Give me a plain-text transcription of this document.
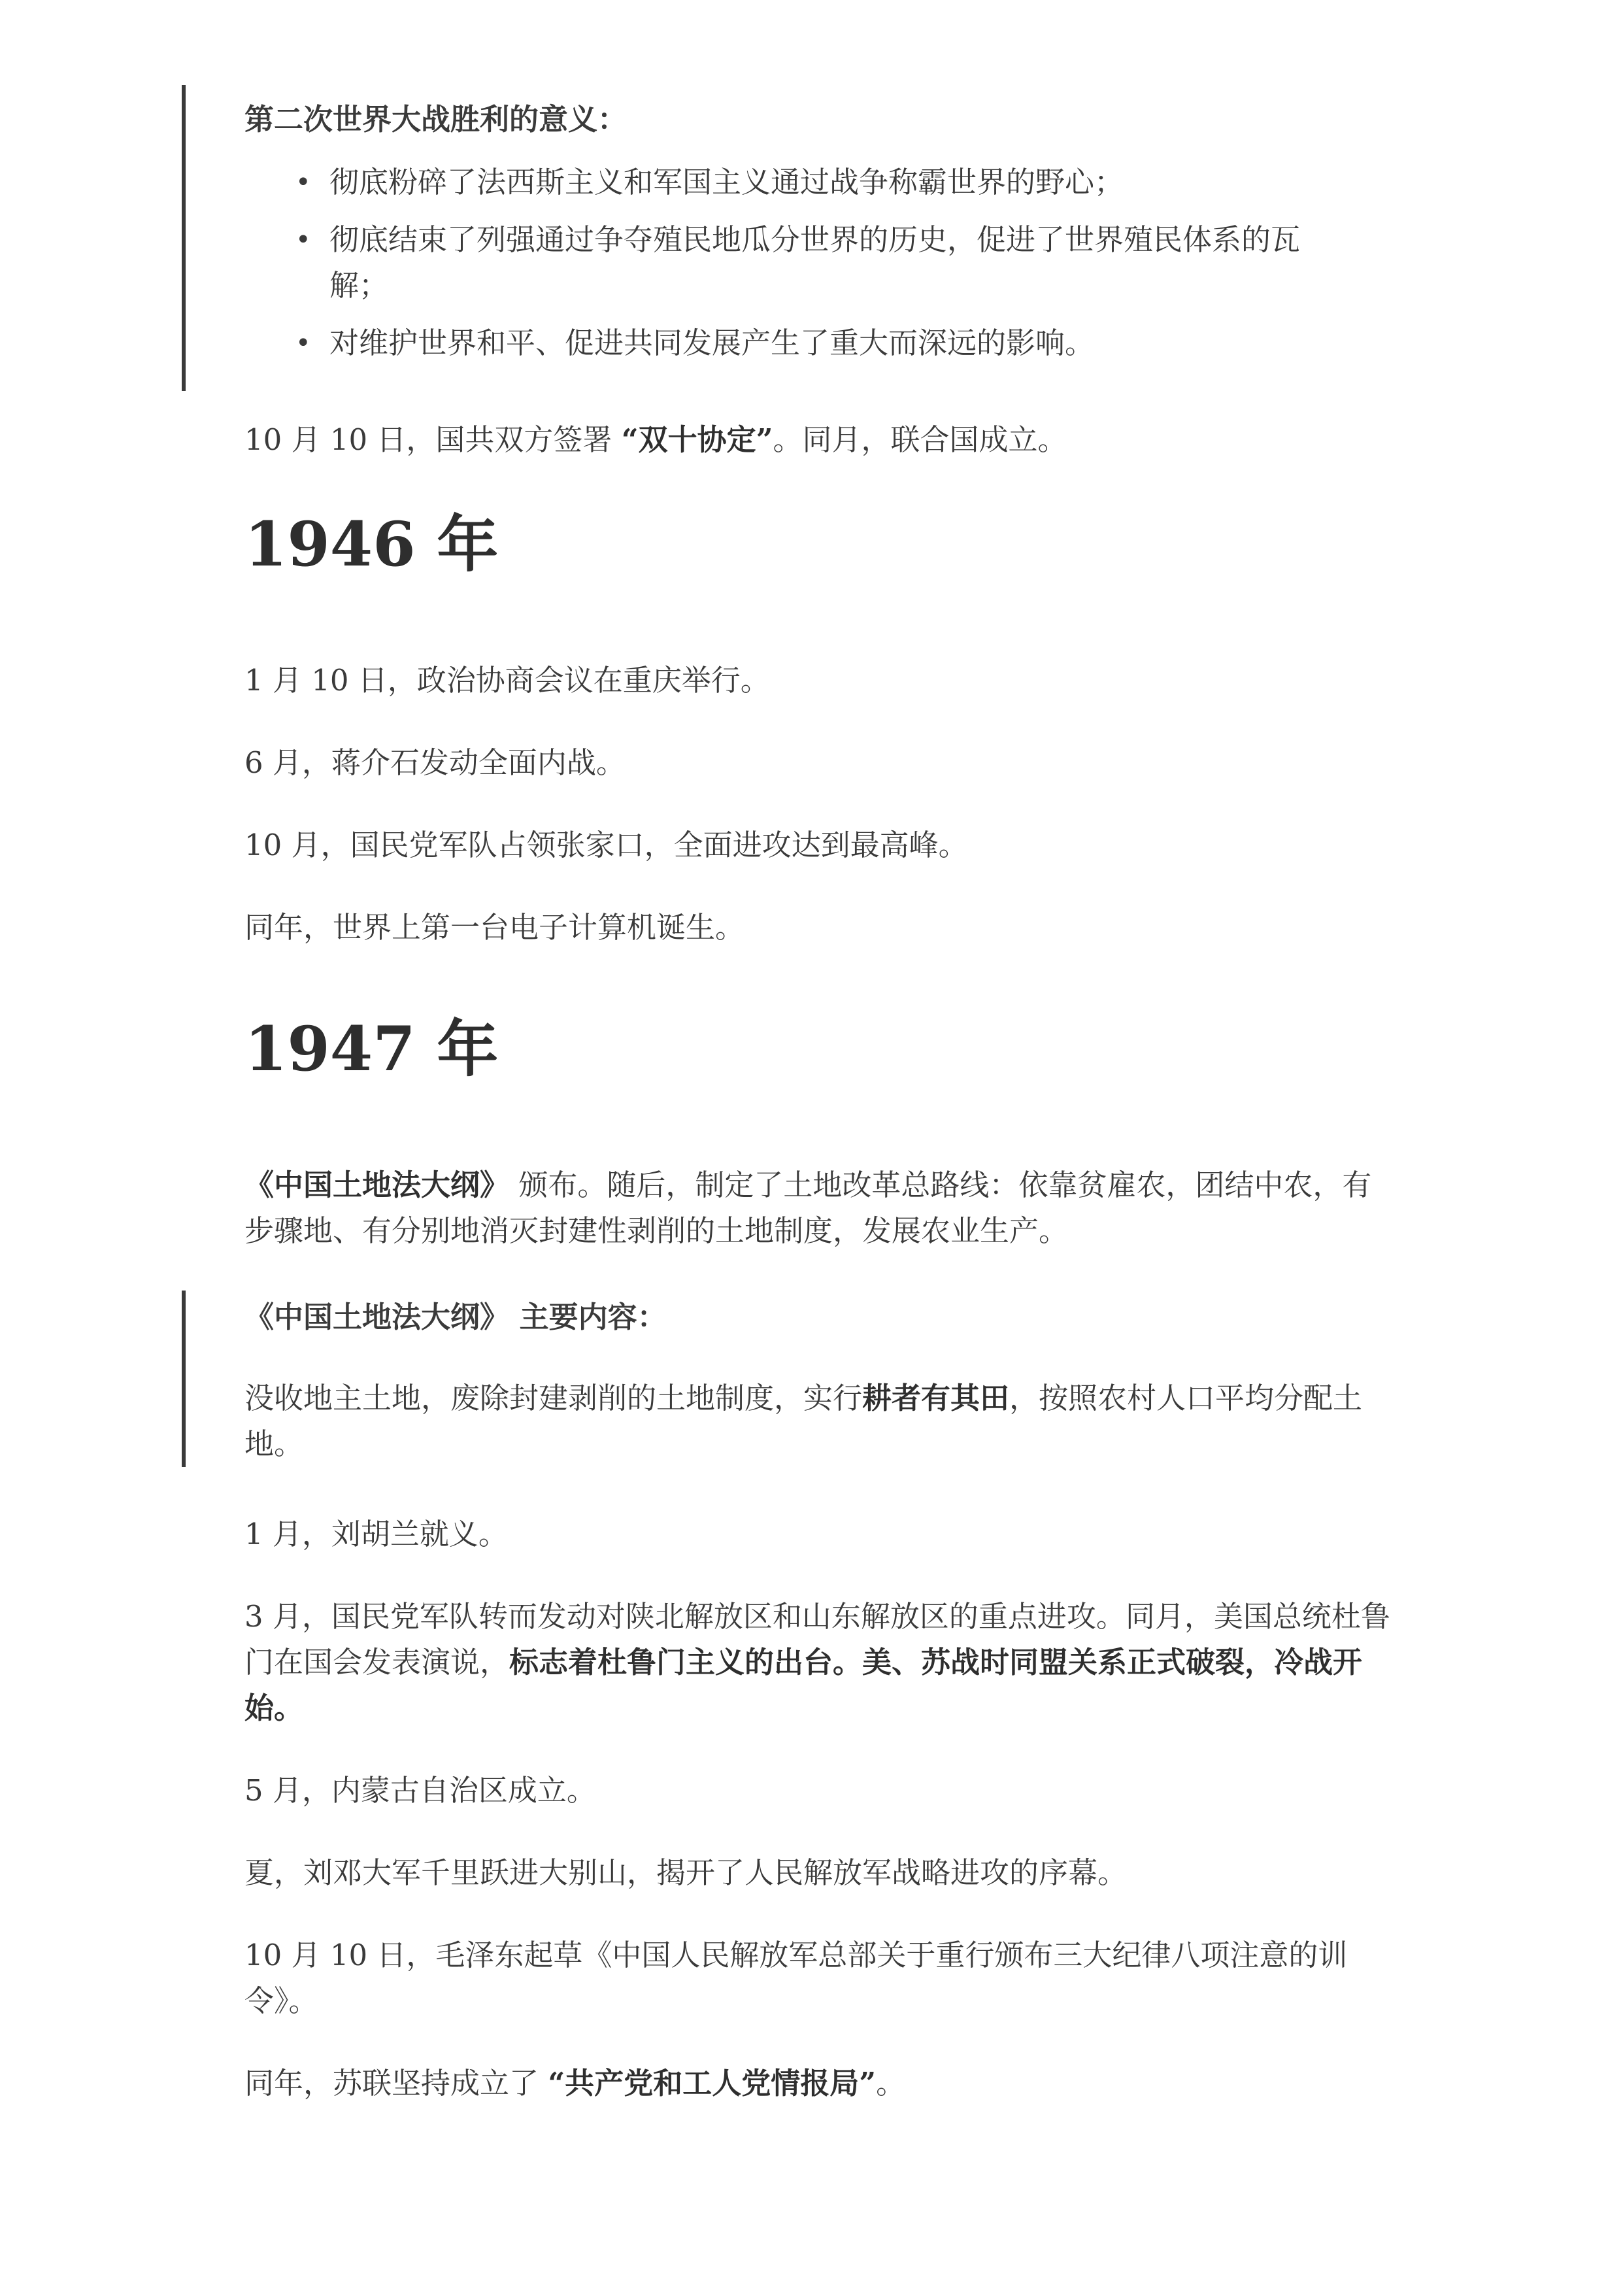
第二次世界大战胜利的意义：

• 彻底粉碎了法西斯主义和军国主义通过战争称霸世界的野心；
• 彻底结束了列强通过争夺殖民地瓜分世界的历史，促进了世界殖民体系的瓦解；
• 对维护世界和平、促进共同发展产生了重大而深远的影响。

10 月 10 日，国共双方签署 “双十协定”。同月，联合国成立。

1946 年

1 月 10 日，政治协商会议在重庆举行。

6 月，蒋介石发动全面内战。

10 月，国民党军队占领张家口，全面进攻达到最高峰。

同年，世界上第一台电子计算机诞生。

1947 年

《中国土地法大纲》 颁布。随后，制定了土地改革总路线：依靠贫雇农，团结中农，有步骤地、有分别地消灭封建性剥削的土地制度，发展农业生产。

《中国土地法大纲》 主要内容：

没收地主土地，废除封建剥削的土地制度，实行耕者有其田，按照农村人口平均分配土地。

1 月，刘胡兰就义。

3 月，国民党军队转而发动对陕北解放区和山东解放区的重点进攻。同月，美国总统杜鲁门在国会发表演说，标志着杜鲁门主义的出台。美、苏战时同盟关系正式破裂，冷战开始。

5 月，内蒙古自治区成立。

夏，刘邓大军千里跃进大别山，揭开了人民解放军战略进攻的序幕。

10 月 10 日，毛泽东起草《中国人民解放军总部关于重行颁布三大纪律八项注意的训令》。

同年，苏联坚持成立了 “共产党和工人党情报局”。
